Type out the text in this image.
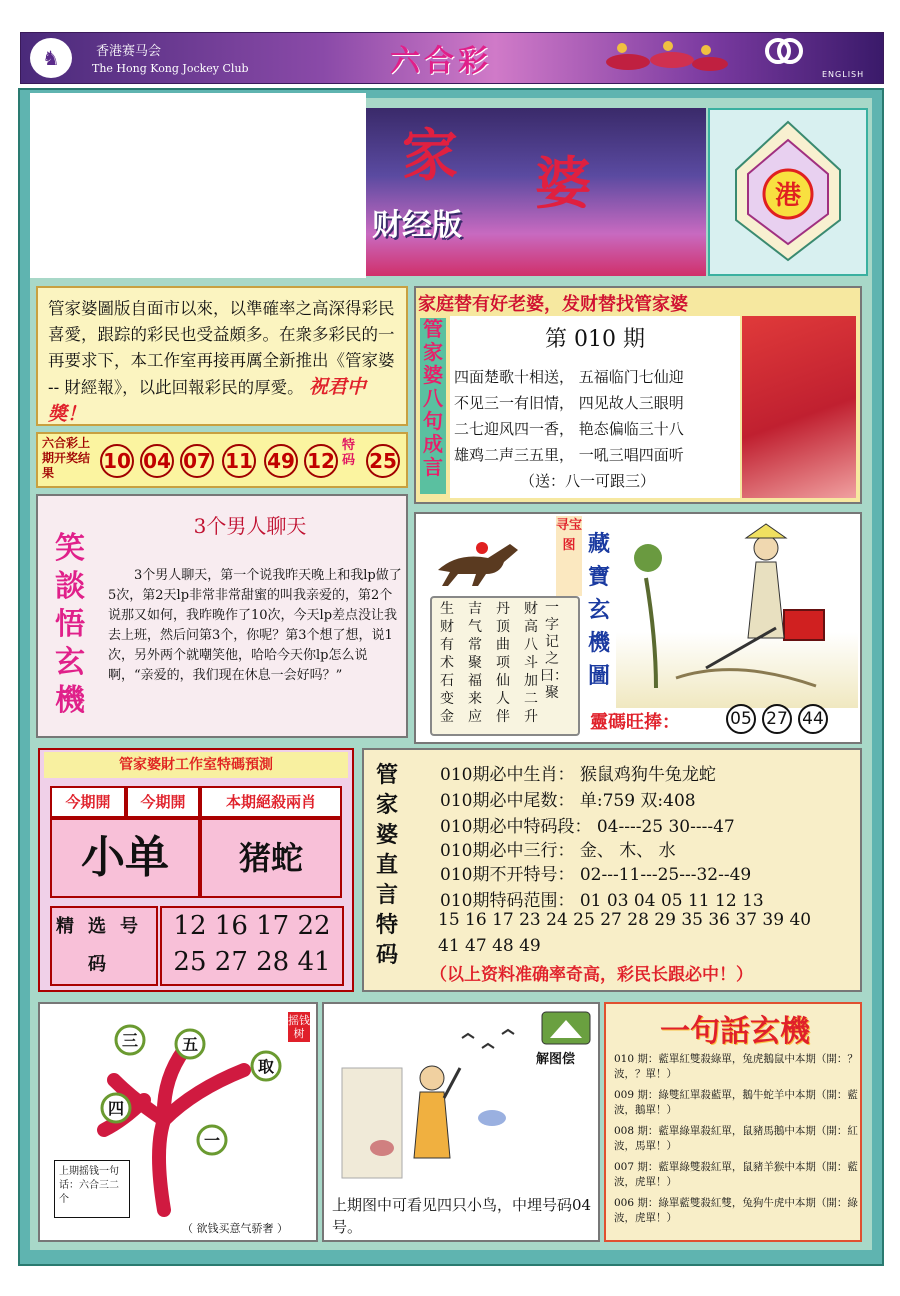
♞	香港赛马会
The Hong Kong Jockey Club	六合彩	ENGLISH
家 婆
财经版
港
管家婆圖版自面市以來，以準確率之高深得彩民喜愛，跟踪的彩民也受益頗多。在衆多彩民的一再要求下，本工作室再接再厲全新推出《管家婆 -- 財經報》，以此回報彩民的厚愛。 祝君中獎！
六合彩上期开奖结果	10 04 07 11 49 12
特码 25
家庭替有好老婆，发财替找管家婆
管家婆八句成言
第 010 期
四面楚歌十相送， 五福临门七仙迎
不见三一有旧情， 四见故人三眼明
二七迎风四一香， 艳态偏临三十八
雄鸡二声三五里， 一吼三唱四面听
（送：八一可跟三）
笑談悟玄機
3个男人聊天
3个男人聊天，第一个说我昨天晚上和我lp做了5次，第2天lp非常非常甜蜜的叫我亲爱的，第2个说那又如何，我昨晚作了10次，今天lp差点没让我去上班，然后问第3个，你呢？第3个想了想，说1次，另外两个就嘲笑他，哈哈今天你lp怎么说啊，“亲爱的，我们现在休息一会好吗？”
财高八斗加二升
丹顶曲项仙人伴
吉气常聚福来应
生财有术石变金
一字记之曰：聚
寻宝图 藏寶玄機圖
靈碼旺捧：	05 27 44
管家婆財工作室特碼預測
今期開	今期開	本期絕殺兩肖
小单	猪蛇
精选号码
12 16 17 22
25 27 28 41
管家婆直言特码
010期必中生肖： 猴鼠鸡狗牛兔龙蛇
010期必中尾数： 单:759 双:408
010期必中特码段： 04----25 30----47
010期必中三行： 金、 木、 水
010期不开特号： 02---11---25---32--49
010期特码范围： 01 03 04 05 11 12 13
15 16 17 23 24 25 27 28 29 35 36 37 39 40
41 47 48 49
（以上资料准确率奇高，彩民长跟必中！）
三	五
取
四
一
摇钱树
上期摇钱一句话：六合三二个
（ 欲钱买意气骄奢 ）
解图偿
上期图中可看见四只小鸟，中埋号码04号。
一句話玄機
010 期：藍單紅雙殺綠單，兔虎鵝鼠中本期（開：？波，？單！）
009 期：綠雙紅單殺藍單，鵝牛蛇羊中本期（開：藍波，鵝單！）
008 期：藍單綠單殺紅單，鼠豬馬鵝中本期（開：紅波，馬單！）
007 期：藍單綠雙殺紅單，鼠豬羊猴中本期（開：藍波，虎單！）
006 期：綠單藍雙殺紅雙，兔狗牛虎中本期（開：綠波，虎單！）
